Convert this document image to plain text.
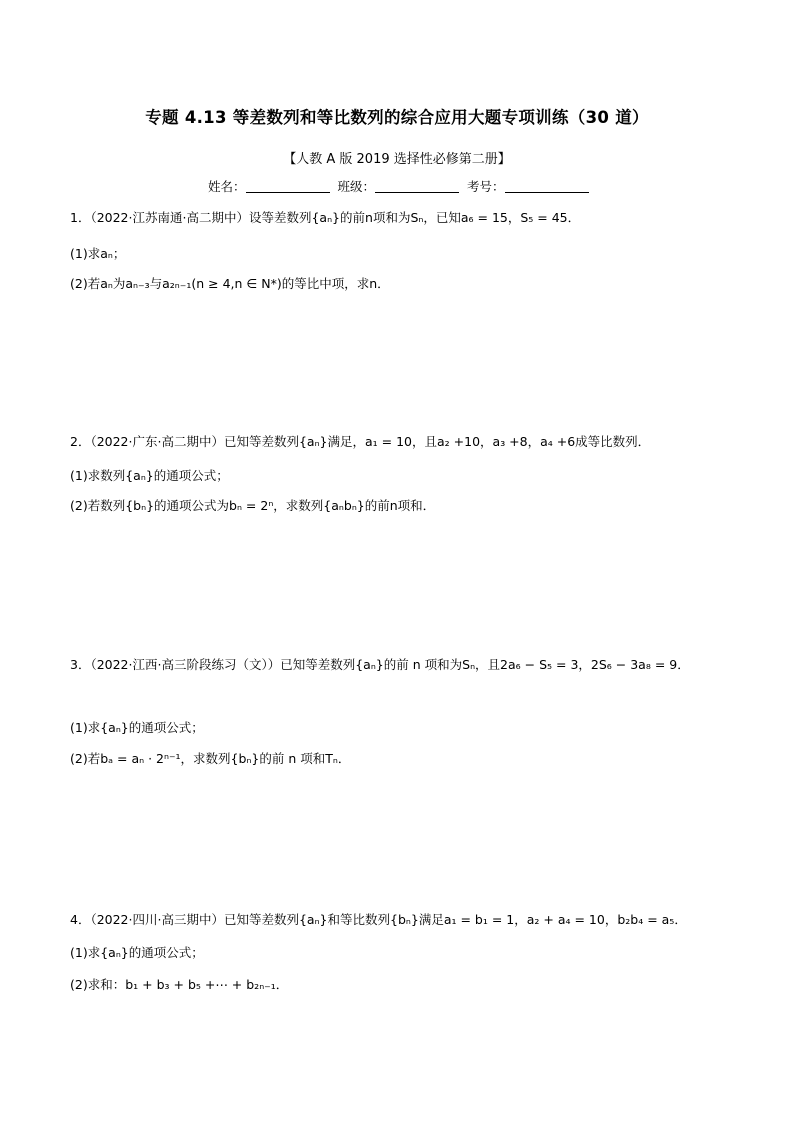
专题 4.13 等差数列和等比数列的综合应用大题专项训练（30 道）
【人教 A 版 2019 选择性必修第二册】
姓名：	班级：	考号：
1．（2022·江苏南通·高二期中）设等差数列{aₙ}的前n项和为Sₙ，已知a₆ = 15，S₅ = 45．
(1)求aₙ；
(2)若aₙ为aₙ₋₃与a₂ₙ₋₁(n ≥ 4,n ∈ N*)的等比中项，求n．
2．（2022·广东·高二期中）已知等差数列{aₙ}满足，a₁ = 10，且a₂ +10，a₃ +8，a₄ +6成等比数列．
(1)求数列{aₙ}的通项公式；
(2)若数列{bₙ}的通项公式为bₙ = 2ⁿ，求数列{aₙbₙ}的前n项和．
3．（2022·江西·高三阶段练习（文））已知等差数列{aₙ}的前 n 项和为Sₙ，且2a₆ − S₅ = 3，2S₆ − 3a₈ = 9．
(1)求{aₙ}的通项公式；
(2)若bₐ = aₙ · 2ⁿ⁻¹，求数列{bₙ}的前 n 项和Tₙ．
4．（2022·四川·高三期中）已知等差数列{aₙ}和等比数列{bₙ}满足a₁ = b₁ = 1，a₂ + a₄ = 10，b₂b₄ = a₅．
(1)求{aₙ}的通项公式；
(2)求和：b₁ + b₃ + b₅ +⋯ + b₂ₙ₋₁．
